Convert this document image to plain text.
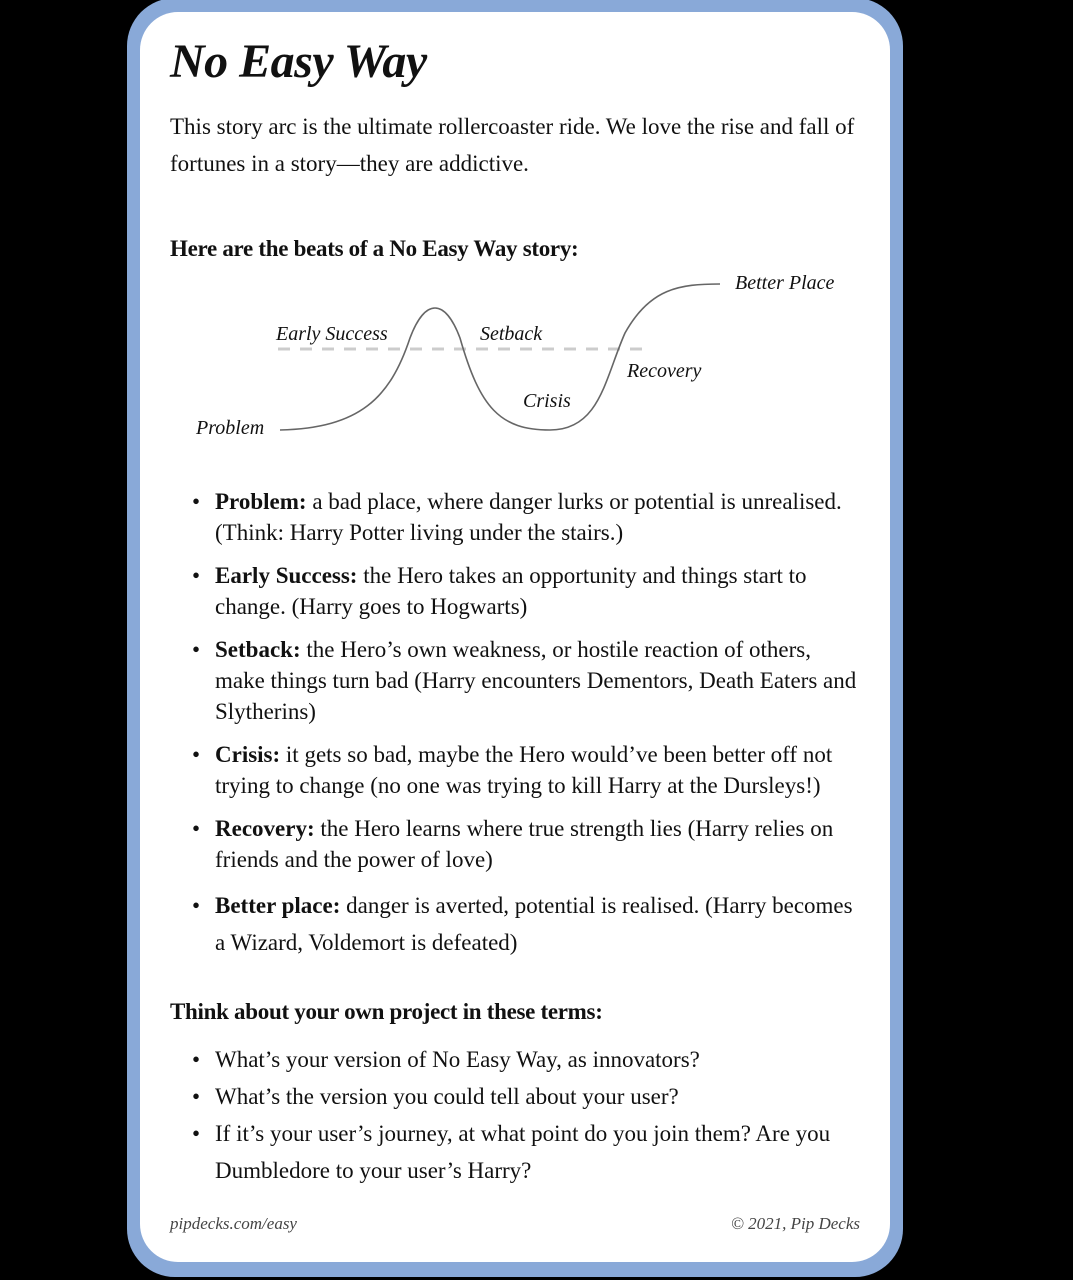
No Easy Way

This story arc is the ultimate rollercoaster ride. We love the rise and fall of fortunes in a story—they are addictive.

Here are the beats of a No Easy Way story:
Problem
Early Success	Setback
Crisis
Recovery
Better Place
• Problem: a bad place, where danger lurks or potential is unrealised. (Think: Harry Potter living under the stairs.)
• Early Success: the Hero takes an opportunity and things start to change. (Harry goes to Hogwarts)
• Setback: the Hero’s own weakness, or hostile reaction of others, make things turn bad (Harry encounters Dementors, Death Eaters and Slytherins)
• Crisis: it gets so bad, maybe the Hero would’ve been better off not trying to change (no one was trying to kill Harry at the Dursleys!)
• Recovery: the Hero learns where true strength lies (Harry relies on friends and the power of love)
• Better place: danger is averted, potential is realised. (Harry becomes a Wizard, Voldemort is defeated)
Think about your own project in these terms:
• What’s your version of No Easy Way, as innovators?
• What’s the version you could tell about your user?
• If it’s your user’s journey, at what point do you join them? Are you Dumbledore to your user’s Harry?
pipdecks.com/easy	© 2021, Pip Decks
